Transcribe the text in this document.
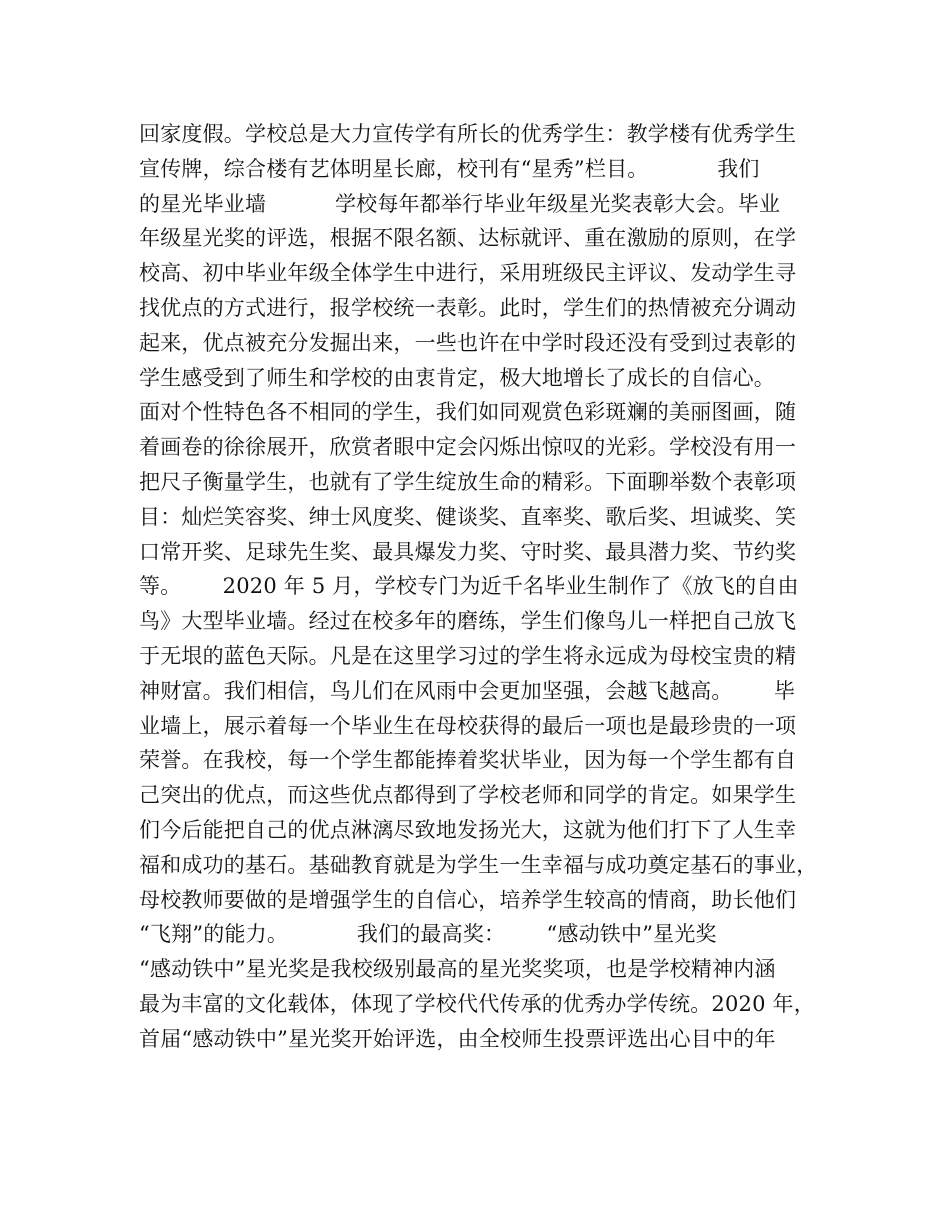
回家度假。学校总是大力宣传学有所长的优秀学生：教学楼有优秀学生
宣传牌，综合楼有艺体明星长廊，校刊有“星秀”栏目。          我们
的星光毕业墙          学校每年都举行毕业年级星光奖表彰大会。毕业
年级星光奖的评选，根据不限名额、达标就评、重在激励的原则，在学
校高、初中毕业年级全体学生中进行，采用班级民主评议、发动学生寻
找优点的方式进行，报学校统一表彰。此时，学生们的热情被充分调动
起来，优点被充分发掘出来，一些也许在中学时段还没有受到过表彰的
学生感受到了师生和学校的由衷肯定，极大地增长了成长的自信心。
面对个性特色各不相同的学生，我们如同观赏色彩斑斓的美丽图画，随
着画卷的徐徐展开，欣赏者眼中定会闪烁出惊叹的光彩。学校没有用一
把尺子衡量学生，也就有了学生绽放生命的精彩。下面聊举数个表彰项
目：灿烂笑容奖、绅士风度奖、健谈奖、直率奖、歌后奖、坦诚奖、笑
口常开奖、足球先生奖、最具爆发力奖、守时奖、最具潜力奖、节约奖
等。      2020 年 5 月，学校专门为近千名毕业生制作了《放飞的自由
鸟》大型毕业墙。经过在校多年的磨练，学生们像鸟儿一样把自己放飞
于无垠的蓝色天际。凡是在这里学习过的学生将永远成为母校宝贵的精
神财富。我们相信，鸟儿们在风雨中会更加坚强，会越飞越高。      毕
业墙上，展示着每一个毕业生在母校获得的最后一项也是最珍贵的一项
荣誉。在我校，每一个学生都能捧着奖状毕业，因为每一个学生都有自
己突出的优点，而这些优点都得到了学校老师和同学的肯定。如果学生
们今后能把自己的优点淋漓尽致地发扬光大，这就为他们打下了人生幸
福和成功的基石。基础教育就是为学生一生幸福与成功奠定基石的事业，
母校教师要做的是增强学生的自信心，培养学生较高的情商，助长他们
“飞翔”的能力。          我们的最高奖：      “感动铁中”星光奖
“感动铁中”星光奖是我校级别最高的星光奖奖项，也是学校精神内涵
最为丰富的文化载体，体现了学校代代传承的优秀办学传统。2020 年，
首届“感动铁中”星光奖开始评选，由全校师生投票评选出心目中的年
